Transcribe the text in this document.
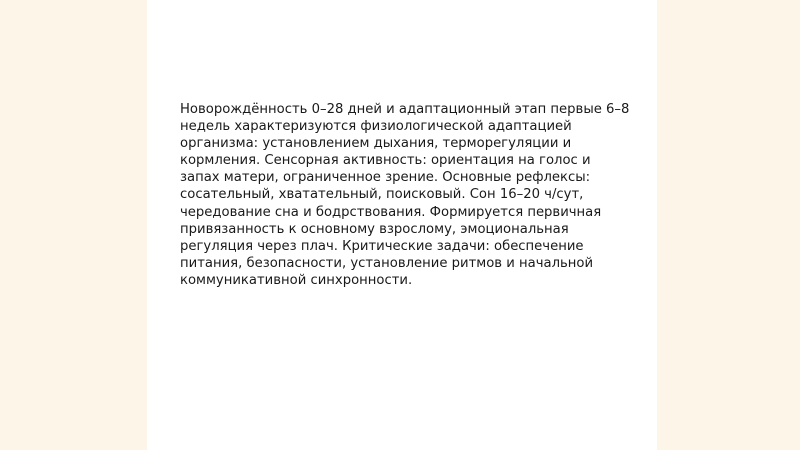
Новорождённость 0–28 дней и адаптационный этап первые 6–8
недель характеризуются физиологической адаптацией
организма: установлением дыхания, терморегуляции и
кормления. Сенсорная активность: ориентация на голос и
запах матери, ограниченное зрение. Основные рефлексы:
сосательный, хватательный, поисковый. Сон 16–20 ч/сут,
чередование сна и бодрствования. Формируется первичная
привязанность к основному взрослому, эмоциональная
регуляция через плач. Критические задачи: обеспечение
питания, безопасности, установление ритмов и начальной
коммуникативной синхронности.
